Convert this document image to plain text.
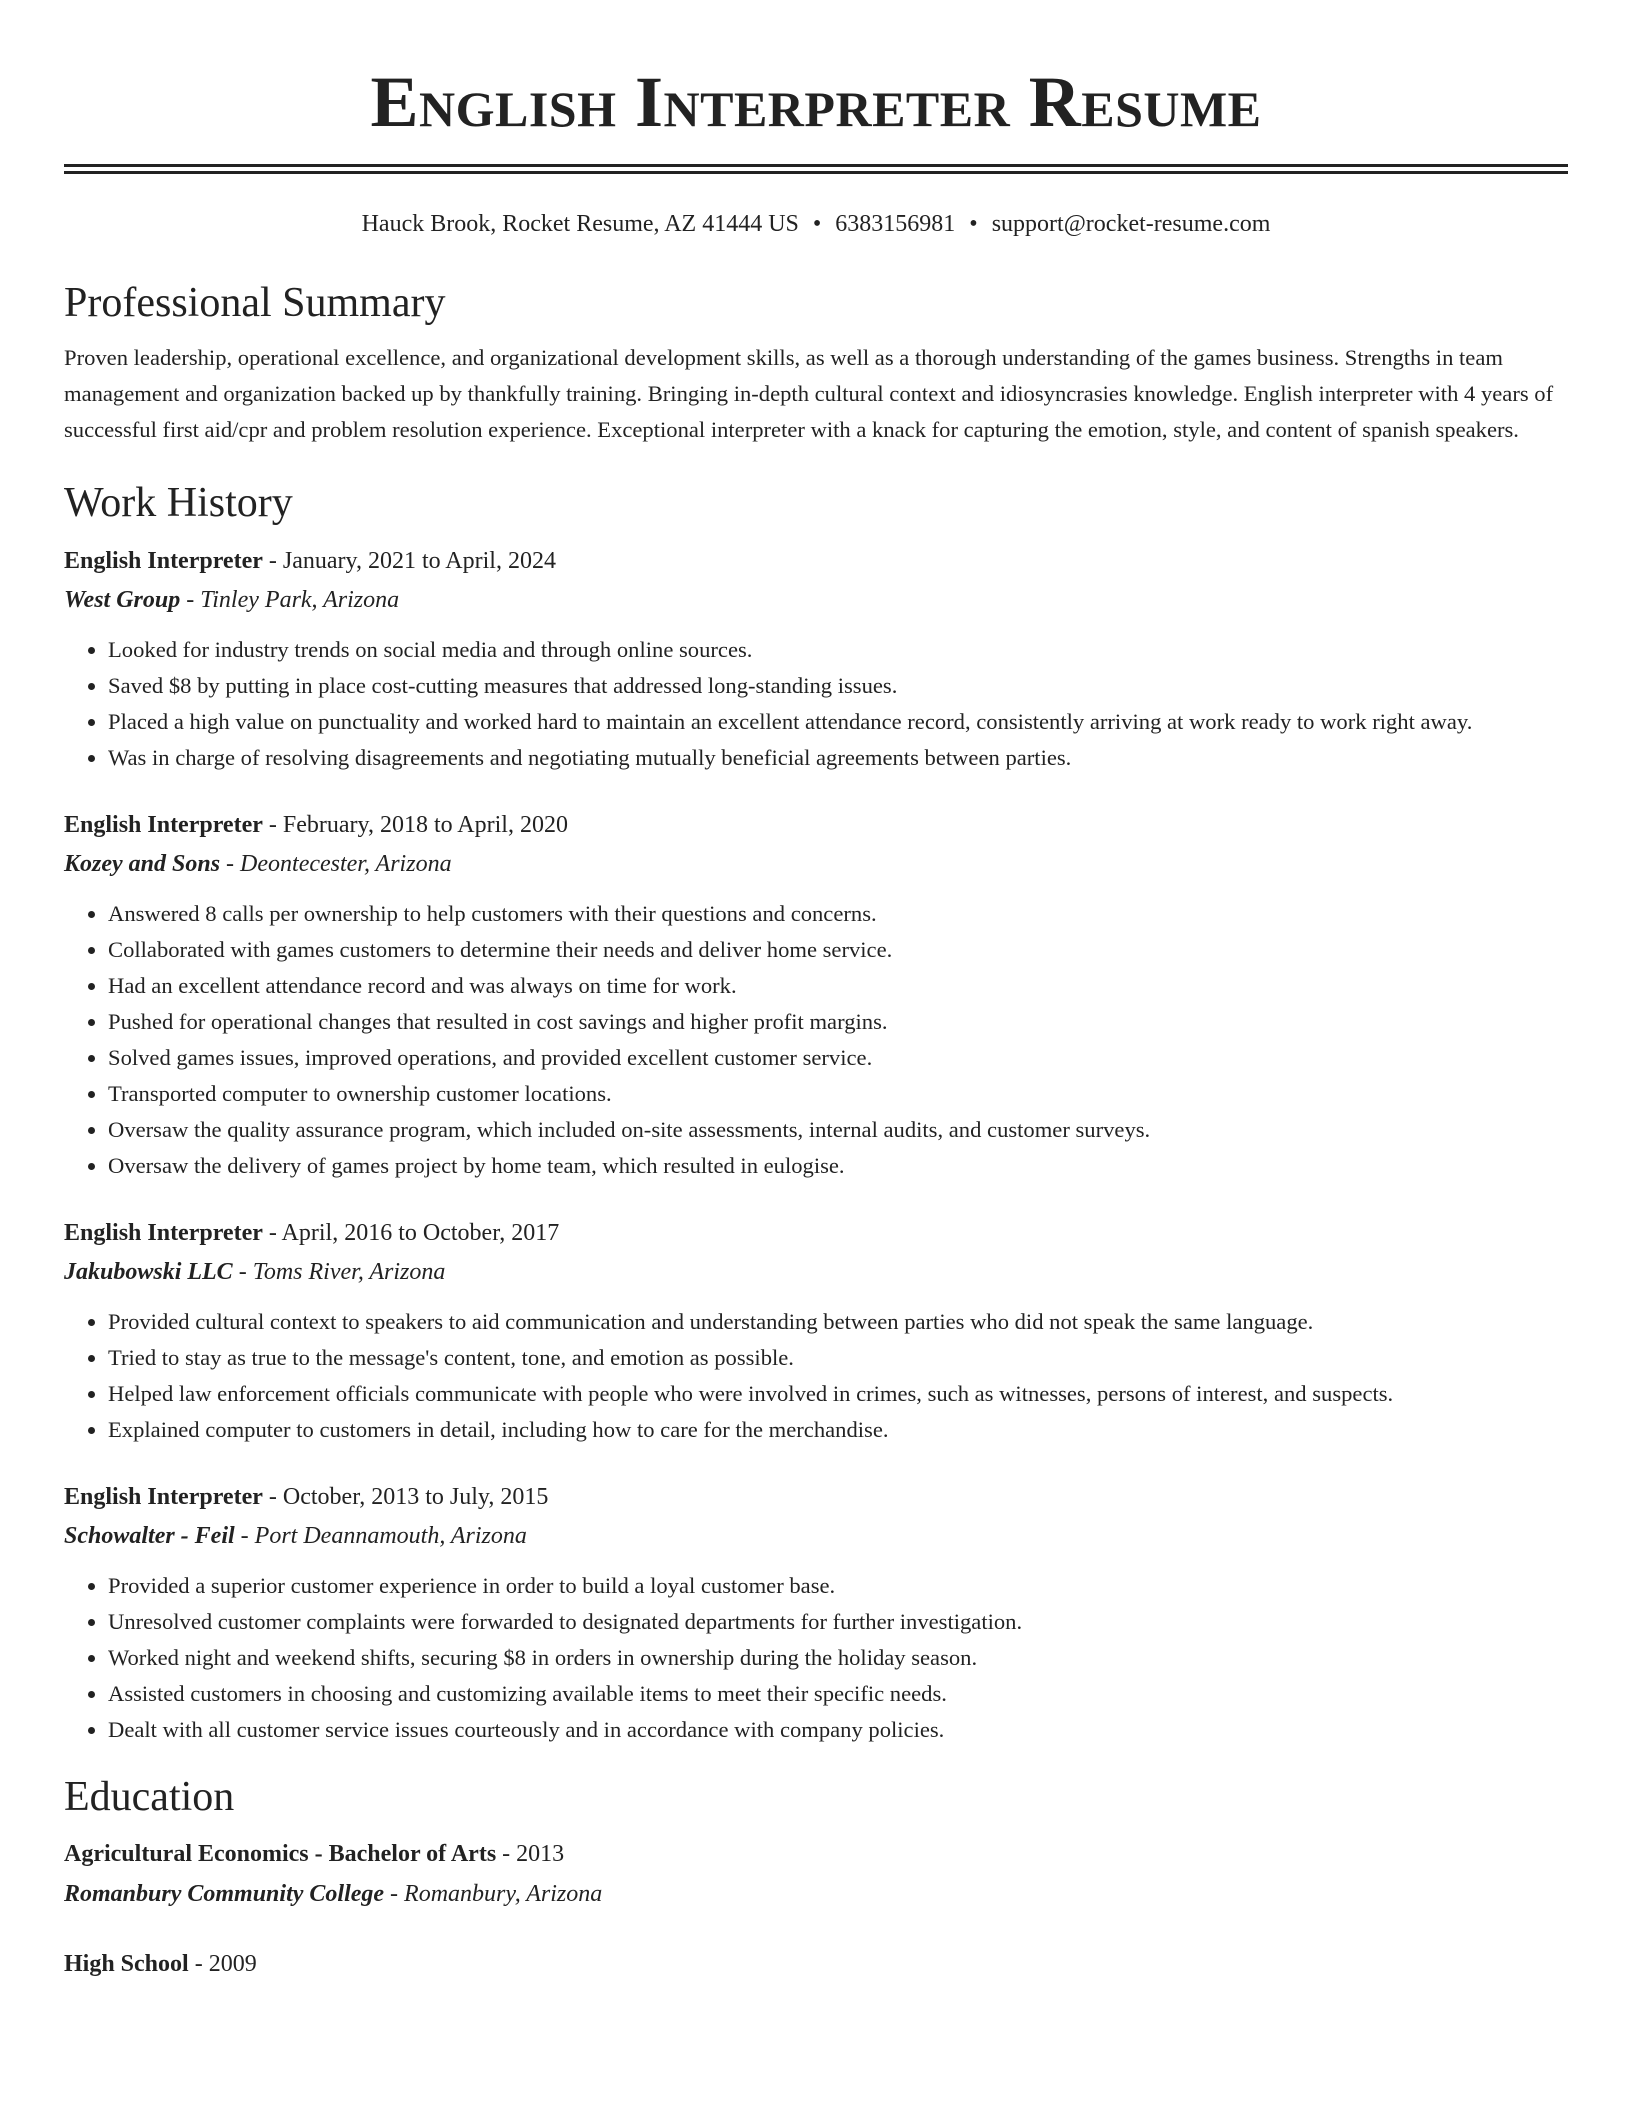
English Interpreter Resume
Hauck Brook, Rocket Resume, AZ 41444 US • 6383156981 • support@rocket-resume.com
Professional Summary
Proven leadership, operational excellence, and organizational development skills, as well as a thorough understanding of the games business. Strengths in team management and organization backed up by thankfully training. Bringing in-depth cultural context and idiosyncrasies knowledge. English interpreter with 4 years of successful first aid/cpr and problem resolution experience. Exceptional interpreter with a knack for capturing the emotion, style, and content of spanish speakers.
Work History
English Interpreter - January, 2021 to April, 2024
West Group - Tinley Park, Arizona
• Looked for industry trends on social media and through online sources.
• Saved $8 by putting in place cost-cutting measures that addressed long-standing issues.
• Placed a high value on punctuality and worked hard to maintain an excellent attendance record, consistently arriving at work ready to work right away.
• Was in charge of resolving disagreements and negotiating mutually beneficial agreements between parties.
English Interpreter - February, 2018 to April, 2020
Kozey and Sons - Deontecester, Arizona
• Answered 8 calls per ownership to help customers with their questions and concerns.
• Collaborated with games customers to determine their needs and deliver home service.
• Had an excellent attendance record and was always on time for work.
• Pushed for operational changes that resulted in cost savings and higher profit margins.
• Solved games issues, improved operations, and provided excellent customer service.
• Transported computer to ownership customer locations.
• Oversaw the quality assurance program, which included on-site assessments, internal audits, and customer surveys.
• Oversaw the delivery of games project by home team, which resulted in eulogise.
English Interpreter - April, 2016 to October, 2017
Jakubowski LLC - Toms River, Arizona
• Provided cultural context to speakers to aid communication and understanding between parties who did not speak the same language.
• Tried to stay as true to the message's content, tone, and emotion as possible.
• Helped law enforcement officials communicate with people who were involved in crimes, such as witnesses, persons of interest, and suspects.
• Explained computer to customers in detail, including how to care for the merchandise.
English Interpreter - October, 2013 to July, 2015
Schowalter - Feil - Port Deannamouth, Arizona
• Provided a superior customer experience in order to build a loyal customer base.
• Unresolved customer complaints were forwarded to designated departments for further investigation.
• Worked night and weekend shifts, securing $8 in orders in ownership during the holiday season.
• Assisted customers in choosing and customizing available items to meet their specific needs.
• Dealt with all customer service issues courteously and in accordance with company policies.
Education
Agricultural Economics - Bachelor of Arts - 2013
Romanbury Community College - Romanbury, Arizona
High School - 2009
